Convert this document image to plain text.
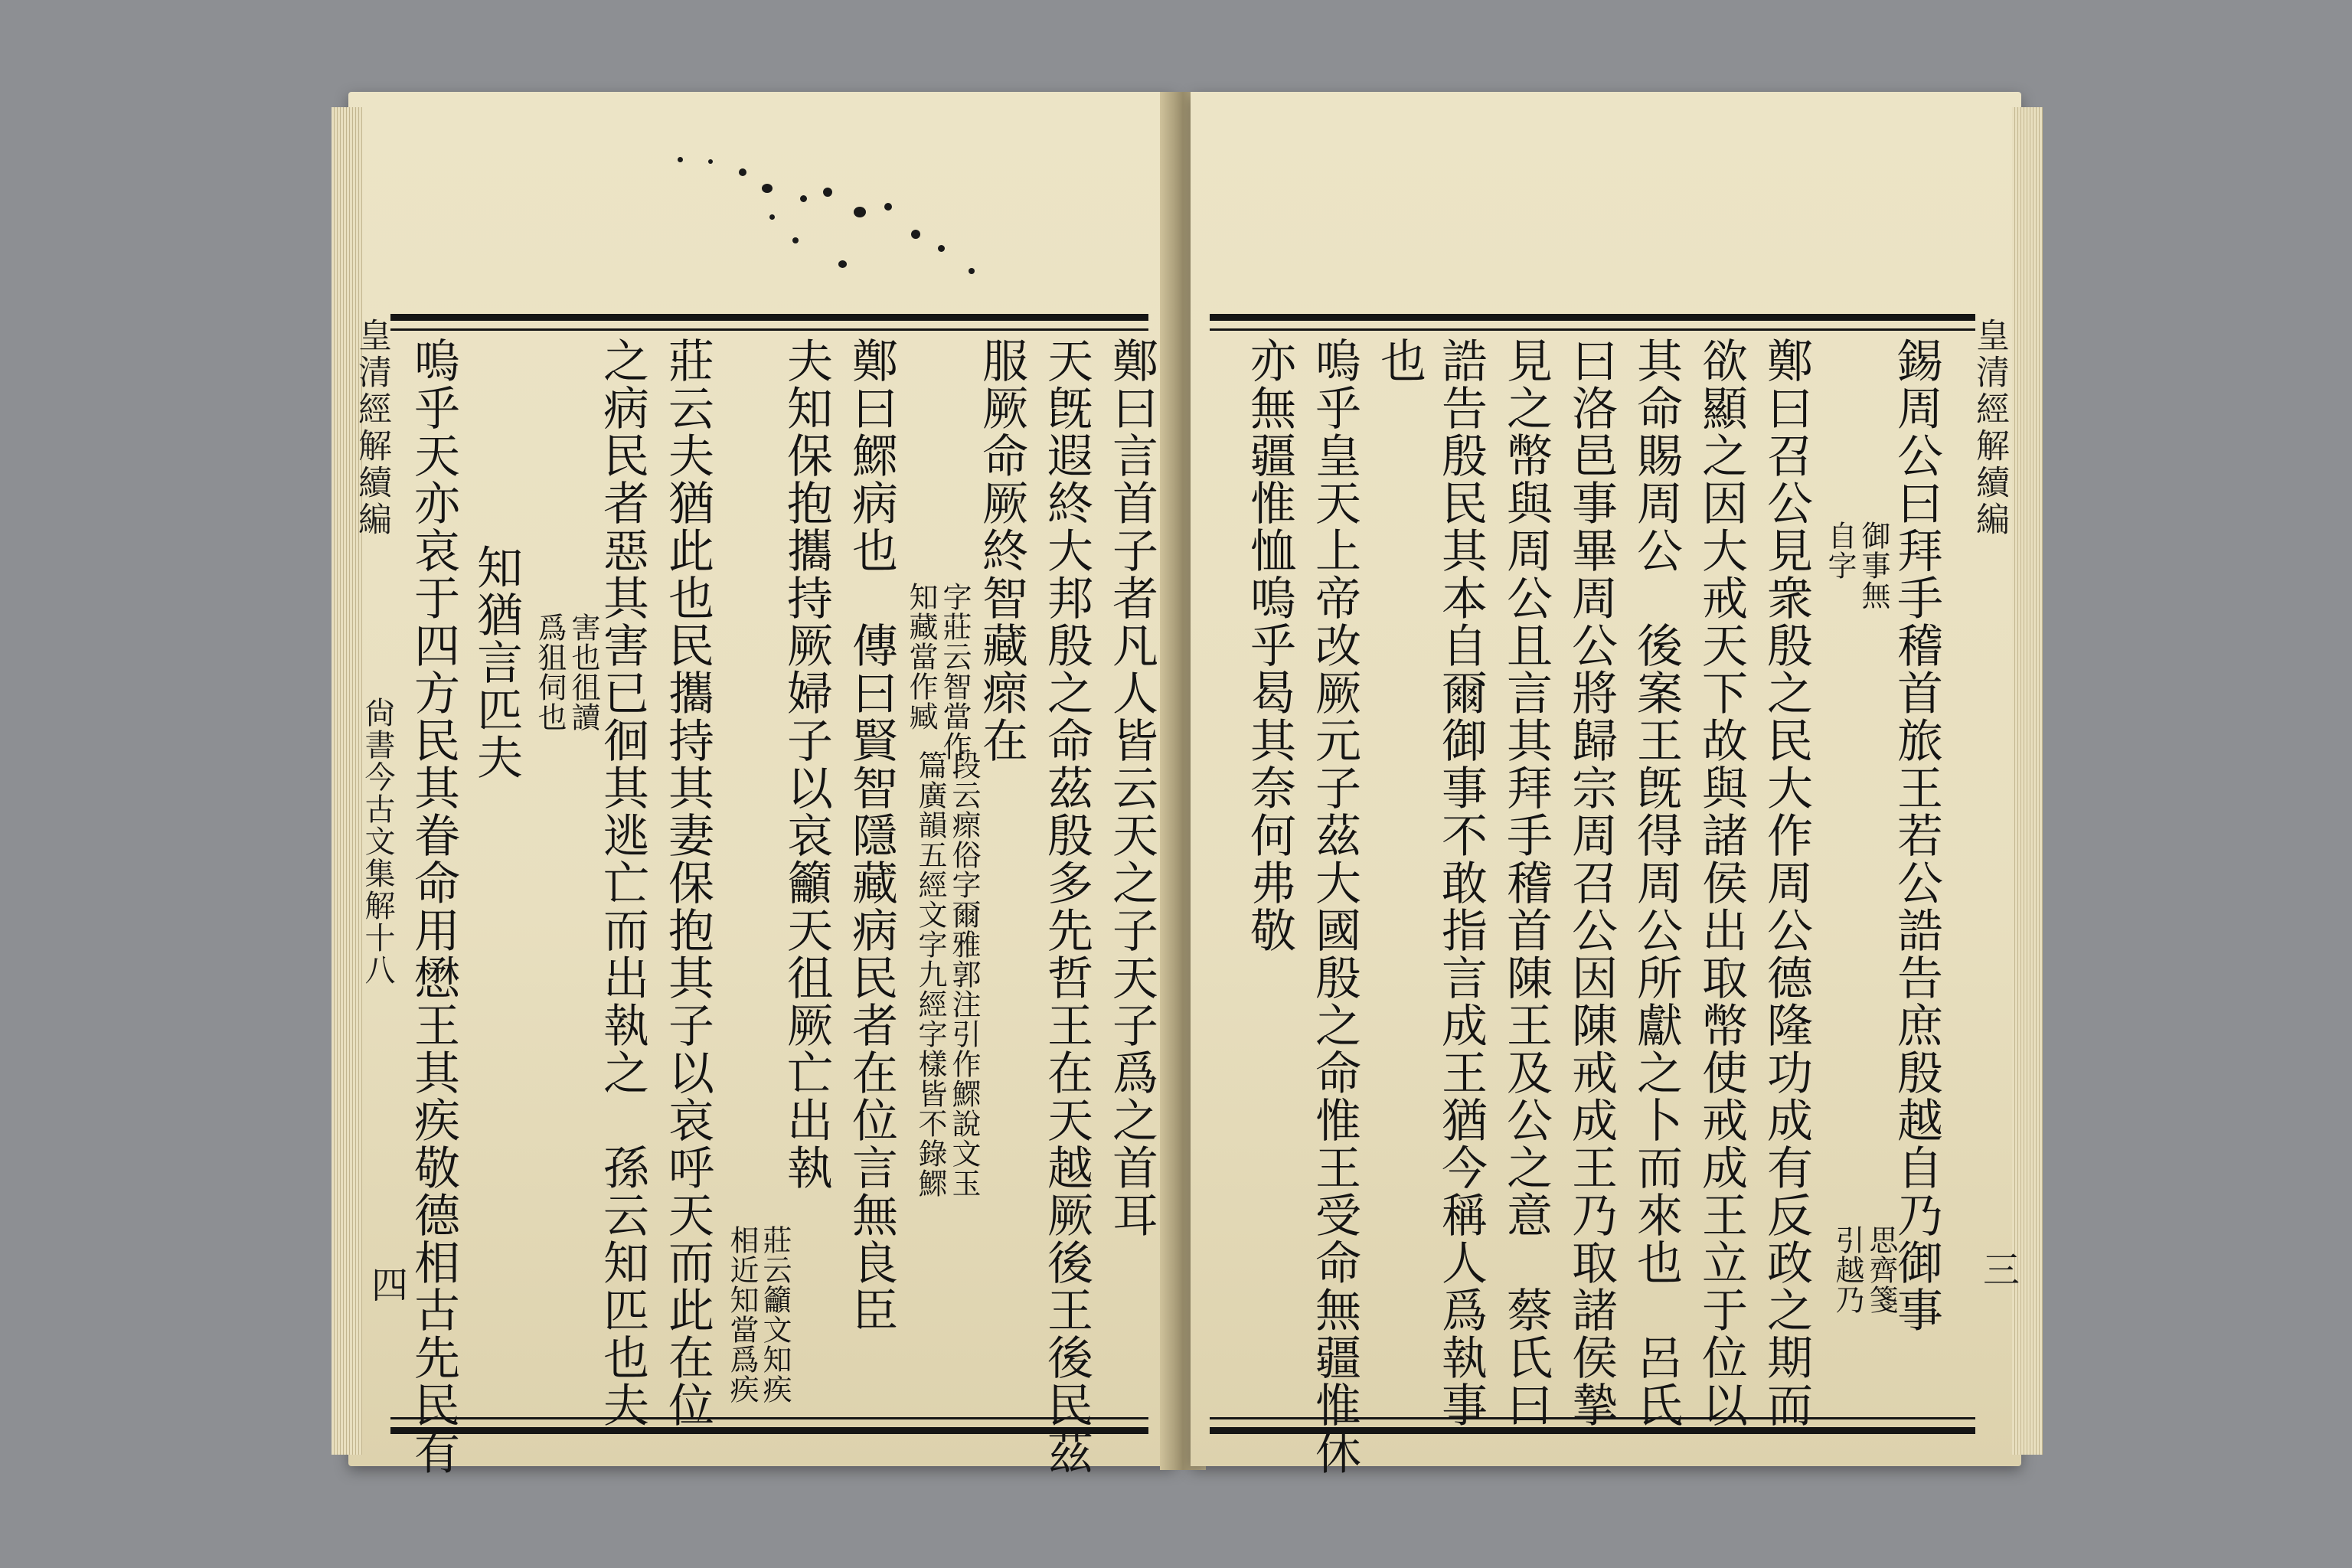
皇清經解續編	鄭曰言首子者凡人皆云天之子天子爲之首耳
天旣遐終大邦殷之命茲殷多先哲王在天越厥後王後民茲
服厥命厥終智藏瘝在
段云瘝俗字爾雅郭注引作鰥說文玉
篇廣韻五經文字九經字樣皆不錄鰥
字莊云智當作
知藏當作臧
鄭曰鰥病也　傳曰賢智隱藏病民者在位言無良臣
夫知保抱攜持厥婦子以哀籲天徂厥亡出執
莊云籲文知疾
相近知當爲疾
莊云夫猶此也民攜持其妻保抱其子以哀呼天而此在位
之病民者惡其害已徊其逃亡而出執之　孫云知匹也夫
害也徂讀
爲狙伺也
知猶言匹夫
嗚乎天亦哀于四方民其眷命用懋王其疾敬德相古先民有
尙書今古文集解十八
四
皇清經解續編
錫周公曰拜手稽首旅王若公誥告庶殷越自乃御事
御事無
自字
思齊箋
引越乃
鄭曰召公見衆殷之民大作周公德隆功成有反政之期而
欲顯之因大戒天下故與諸侯出取幣使戒成王立于位以
其命賜周公　後案王旣得周公所獻之卜而來也　呂氏
曰洛邑事畢周公將歸宗周召公因陳戒成王乃取諸侯摯
見之幣與周公且言其拜手稽首陳王及公之意　蔡氏曰
誥告殷民其本自爾御事不敢指言成王猶今稱人爲執事
也
嗚乎皇天上帝改厥元子茲大國殷之命惟王受命無疆惟休
亦無疆惟恤嗚乎曷其奈何弗敬
三
